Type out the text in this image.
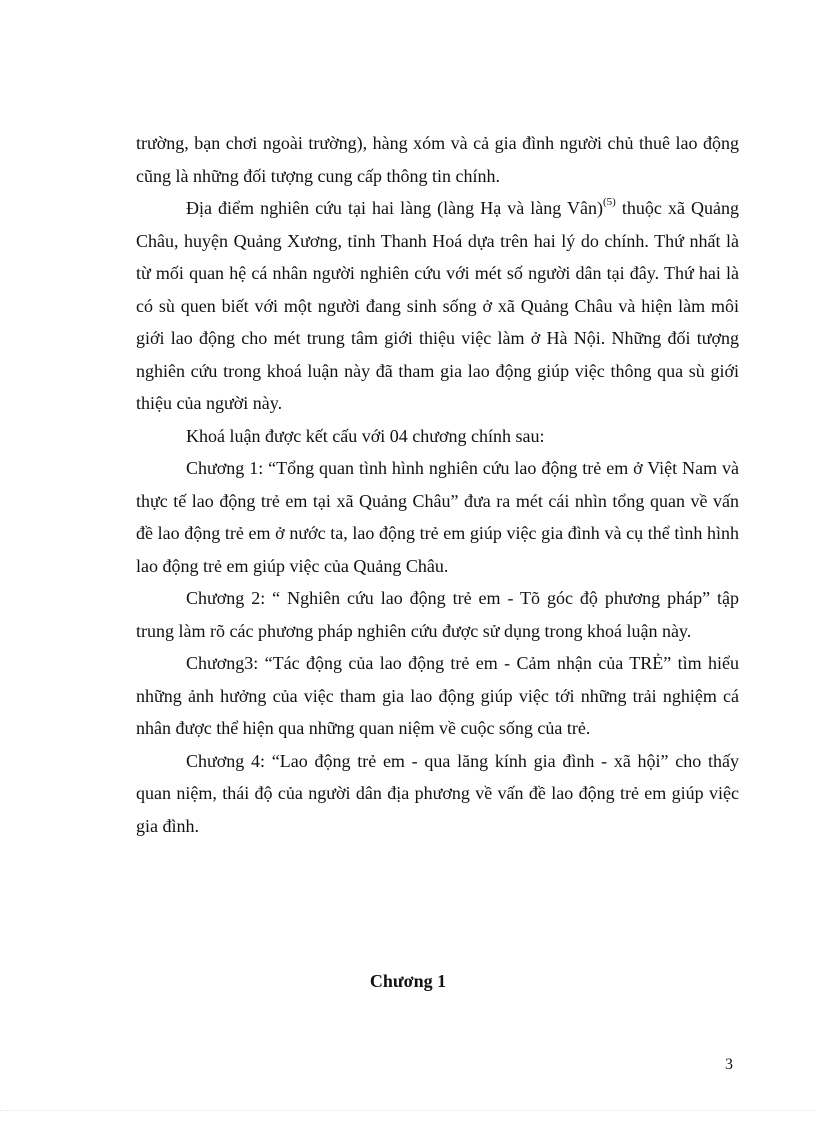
trường, bạn chơi ngoài trường), hàng xóm và cả gia đình người chủ thuê lao động cũng là những đối tượng cung cấp thông tin chính.

Địa điểm nghiên cứu tại hai làng (làng Hạ và làng Vân)$^{(5)}$ thuộc xã Quảng Châu, huyện Quảng Xương, tỉnh Thanh Hoá dựa trên hai lý do chính. Thứ nhất là từ mối quan hệ cá nhân người nghiên cứu với mét số người dân tại đây. Thứ hai là có sù quen biết với một người đang sinh sống ở xã Quảng Châu và hiện làm môi giới lao động cho mét trung tâm giới thiệu việc làm ở Hà Nội. Những đối tượng nghiên cứu trong khoá luận này đã tham gia lao động giúp việc thông qua sù giới thiệu của người này.

Khoá luận được kết cấu với 04 chương chính sau:

Chương 1: “Tổng quan tình hình nghiên cứu lao động trẻ em ở Việt Nam và thực tế lao động trẻ em tại xã Quảng Châu” đưa ra mét cái nhìn tổng quan về vấn đề lao động trẻ em ở nước ta, lao động trẻ em giúp việc gia đình và cụ thể tình hình lao động trẻ em giúp việc của Quảng Châu.

Chương 2: “ Nghiên cứu lao động trẻ em - Tõ góc độ phương pháp” tập trung làm rõ các phương pháp nghiên cứu được sử dụng trong khoá luận này.

Chương3: “Tác động của lao động trẻ em - Cảm nhận của TRẺ” tìm hiểu những ảnh hưởng của việc tham gia lao động giúp việc tới những trải nghiệm cá nhân được thể hiện qua những quan niệm về cuộc sống của trẻ.

Chương 4: “Lao động trẻ em - qua lăng kính gia đình - xã hội” cho thấy quan niệm, thái độ của người dân địa phương về vấn đề lao động trẻ em giúp việc gia đình.

Chương 1
3
